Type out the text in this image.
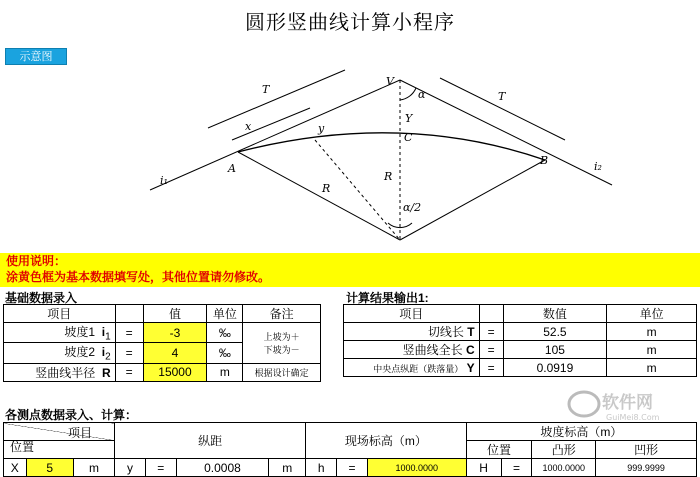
圆形竖曲线计算小程序
示意图
T
T
x	y
V
α
Y
C
A
B
R
R
α/2
i₁
i₂
使用说明：
涂黄色框为基本数据填写处，其他位置请勿修改。
基础数据录入	计算结果输出1:
项目		值	单位	备注
坡度1 $i_1$	=	-3	‰	上坡为＋
下坡为－

坡度2 $i_2$	=	4	‰	
竖曲线半径 R	=	15000	m	根据设计确定
项目		数值	单位
切线长 T	=	52.5	m
竖曲线全长 C	=	105	m
中央点纵距（跌落量） Y	=	0.0919	m
各测点数据录入、计算：
项目
位置			纵距				现场标高（m）			坡度标高（m）			
										位置		凸形	凹形
X	5	m	y	=	0.0008	m	h	=	1000.0000	H	=	1000.0000	999.9999
软件网
GuiMei8.Com
